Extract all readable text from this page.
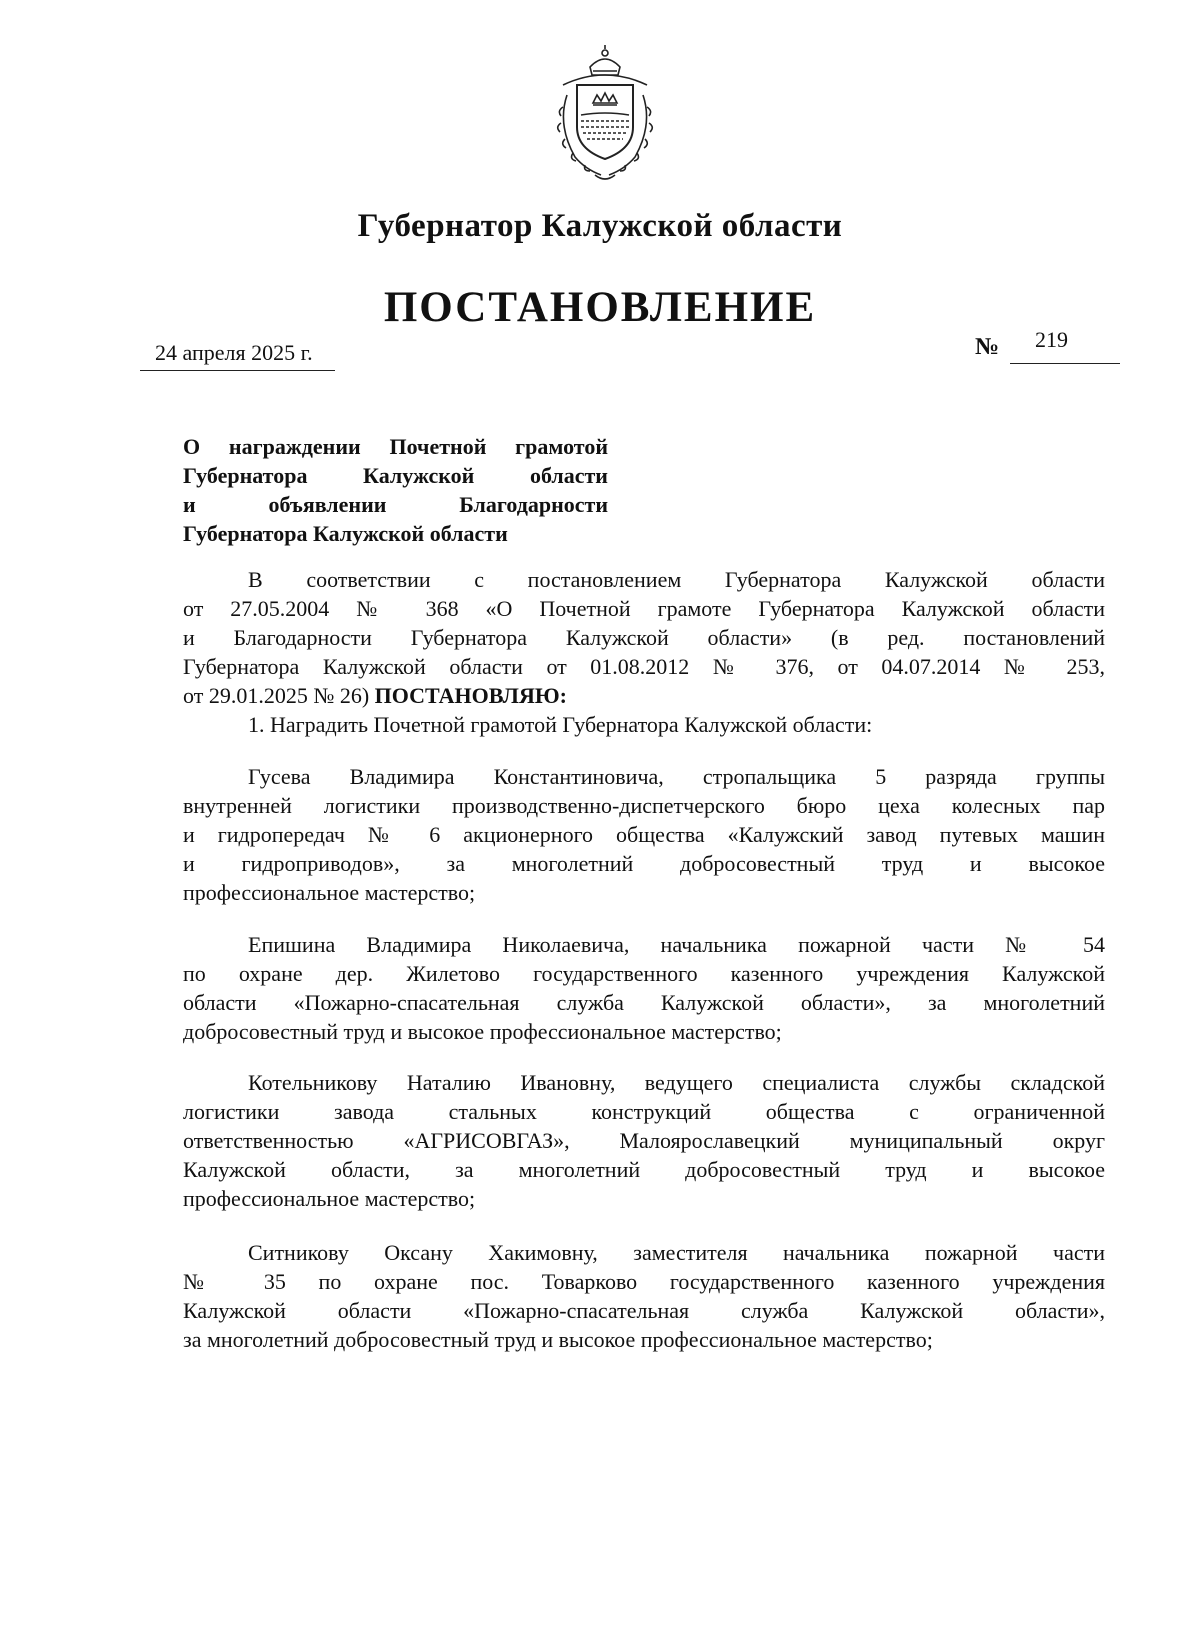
Губернатор Калужской области
ПОСТАНОВЛЕНИЕ
24 апреля 2025 г.	№ 219
О награждении Почетной грамотой
Губернатора Калужской области
и объявлении Благодарности
Губернатора Калужской области
В соответствии с постановлением Губернатора Калужской области
от 27.05.2004 № 368 «О Почетной грамоте Губернатора Калужской области
и Благодарности Губернатора Калужской области» (в ред. постановлений
Губернатора Калужской области от 01.08.2012 № 376, от 04.07.2014 № 253,
от 29.01.2025 № 26) ПОСТАНОВЛЯЮ:
1. Наградить Почетной грамотой Губернатора Калужской области:
Гусева Владимира Константиновича, стропальщика 5 разряда группы
внутренней логистики производственно-диспетчерского бюро цеха колесных пар
и гидропередач № 6 акционерного общества «Калужский завод путевых машин
и гидроприводов», за многолетний добросовестный труд и высокое
профессиональное мастерство;
Епишина Владимира Николаевича, начальника пожарной части № 54
по охране дер. Жилетово государственного казенного учреждения Калужской
области «Пожарно-спасательная служба Калужской области», за многолетний
добросовестный труд и высокое профессиональное мастерство;
Котельникову Наталию Ивановну, ведущего специалиста службы складской
логистики завода стальных конструкций общества с ограниченной
ответственностью «АГРИСОВГАЗ», Малоярославецкий муниципальный округ
Калужской области, за многолетний добросовестный труд и высокое
профессиональное мастерство;
Ситникову Оксану Хакимовну, заместителя начальника пожарной части
№ 35 по охране пос. Товарково государственного казенного учреждения
Калужской области «Пожарно-спасательная служба Калужской области»,
за многолетний добросовестный труд и высокое профессиональное мастерство;
